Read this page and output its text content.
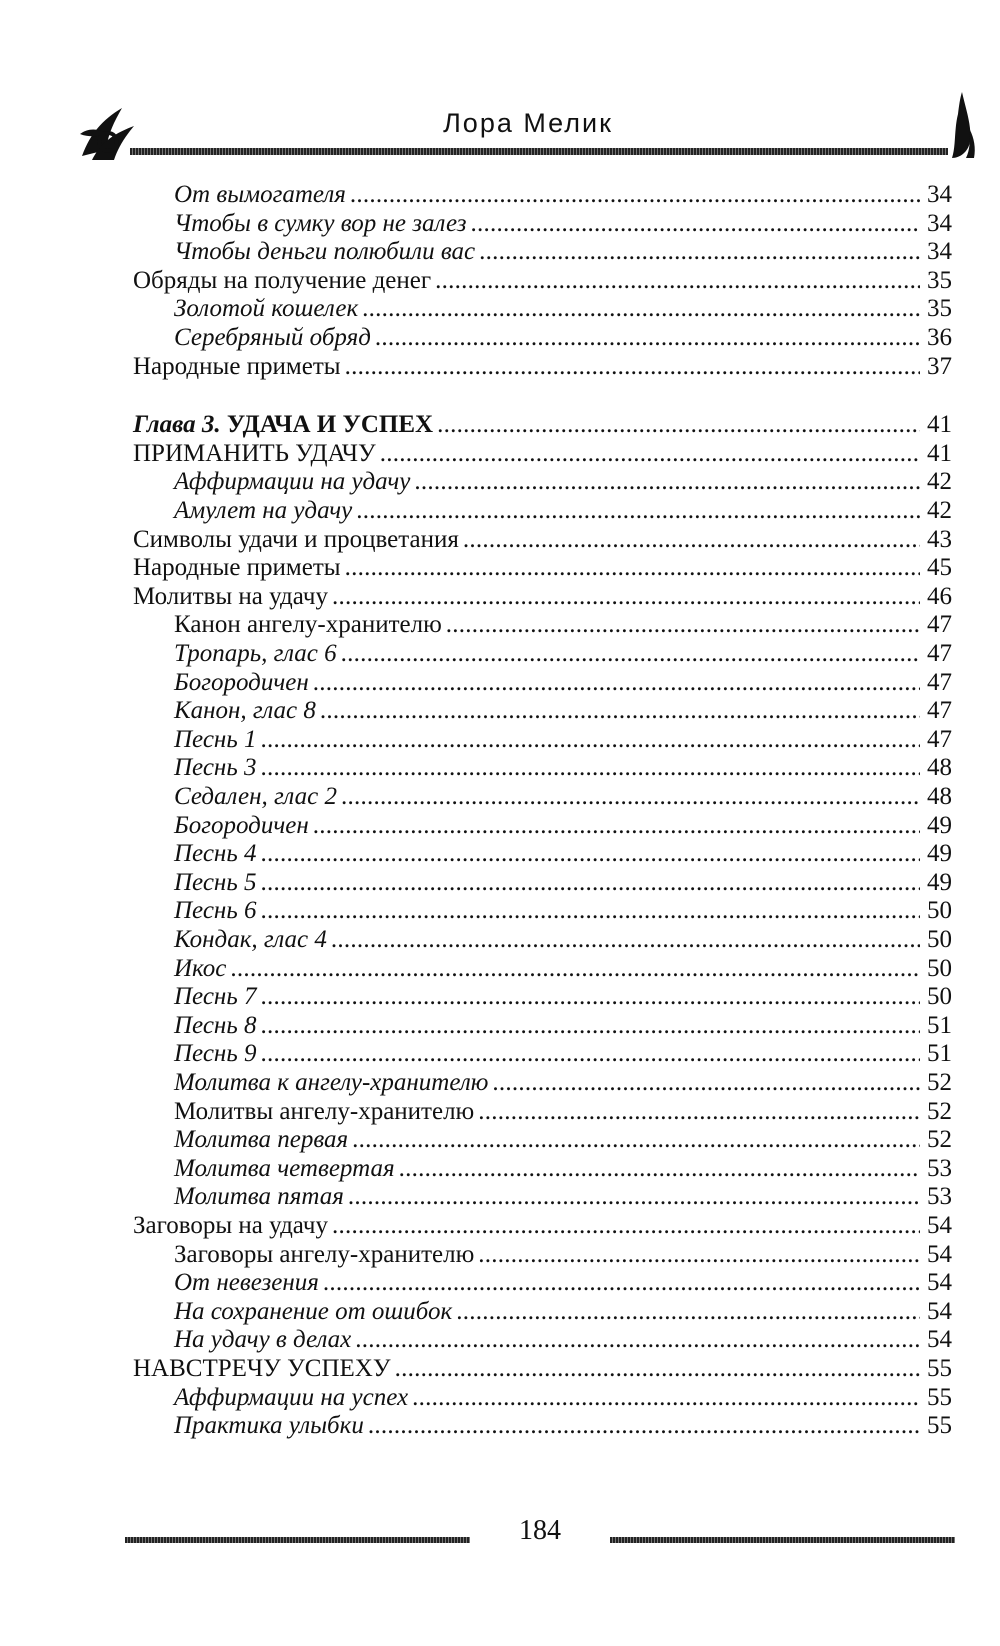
Лора Мелик
От вымогателя . . .	34
Чтобы в сумку вор не залез . . .	34
Чтобы деньги полюбили вас . . .	34
Обряды на получение денег . . .	35
Золотой кошелек . . .	35
Серебряный обряд . . .	36
Народные приметы . . .	37
Глава 3. УДАЧА И УСПЕХ . . .	41
ПРИМАНИТЬ УДАЧУ . . .	41
Аффирмации на удачу . . .	42
Амулет на удачу . . .	42
Символы удачи и процветания . . .	43
Народные приметы . . .	45
Молитвы на удачу . . .	46
Канон ангелу-хранителю . . .	47
Тропарь, глас 6 . . .	47
Богородичен . . .	47
Канон, глас 8 . . .	47
Песнь 1 . . .	47
Песнь 3 . . .	48
Седален, глас 2 . . .	48
Богородичен . . .	49
Песнь 4 . . .	49
Песнь 5 . . .	49
Песнь 6 . . .	50
Кондак, глас 4 . . .	50
Икос . . .	50
Песнь 7 . . .	50
Песнь 8 . . .	51
Песнь 9 . . .	51
Молитва к ангелу-хранителю . . .	52
Молитвы ангелу-хранителю . . .	52
Молитва первая . . .	52
Молитва четвертая . . .	53
Молитва пятая . . .	53
Заговоры на удачу . . .	54
Заговоры ангелу-хранителю . . .	54
От невезения . . .	54
На сохранение от ошибок . . .	54
На удачу в делах . . .	54
НАВСТРЕЧУ УСПЕХУ . . .	55
Аффирмации на успех . . .	55
Практика улыбки . . .	55
184
